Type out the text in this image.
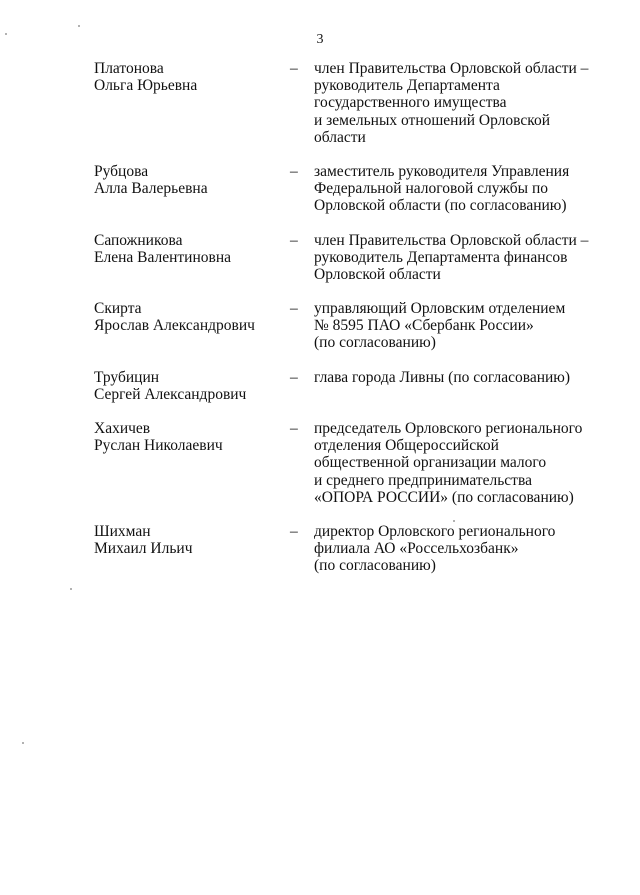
3
Платонова
Ольга Юрьевна
– член Правительства Орловской области –
руководитель Департамента
государственного имущества
и земельных отношений Орловской
области
Рубцова
Алла Валерьевна
– заместитель руководителя Управления
Федеральной налоговой службы по
Орловской области (по согласованию)
Сапожникова
Елена Валентиновна
– член Правительства Орловской области –
руководитель Департамента финансов
Орловской области
Скирта
Ярослав Александрович
– управляющий Орловским отделением
№ 8595 ПАО «Сбербанк России»
(по согласованию)
Трубицин
Сергей Александрович
– глава города Ливны (по согласованию)
Хахичев
Руслан Николаевич
– председатель Орловского регионального
отделения Общероссийской
общественной организации малого
и среднего предпринимательства
«ОПОРА РОССИИ» (по согласованию)
Шихман
Михаил Ильич
– директор Орловского регионального
филиала АО «Россельхозбанк»
(по согласованию)
